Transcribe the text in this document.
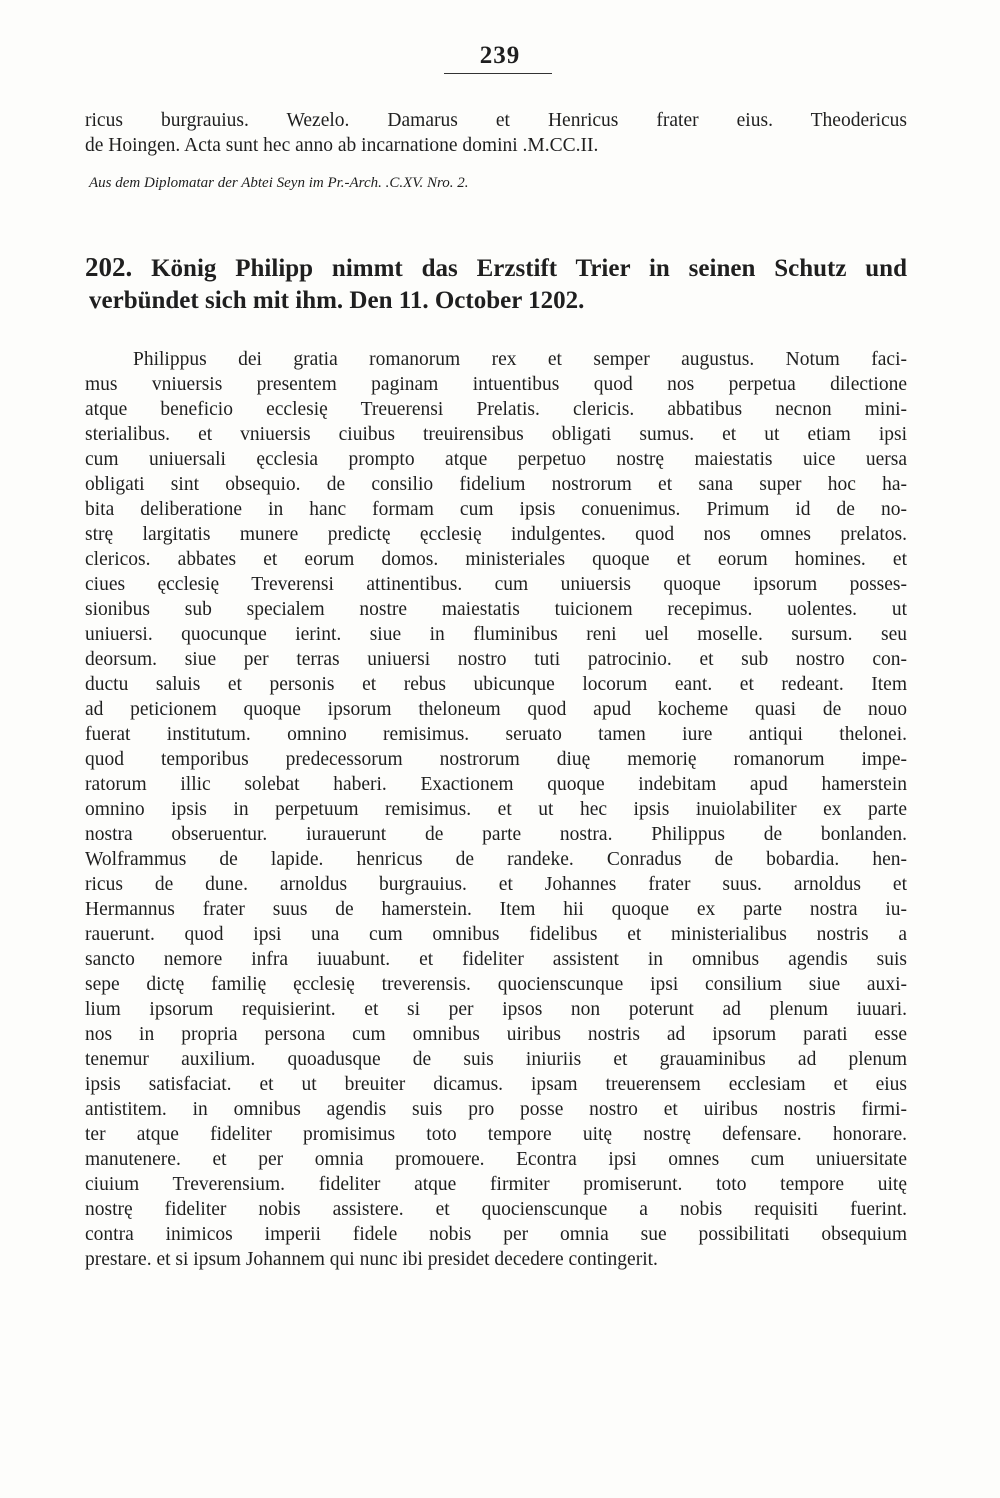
239
ricus burgrauius. Wezelo. Damarus et Henricus frater eius. Theodericus
de Hoingen. Acta sunt hec anno ab incarnatione domini .M.CC.II.
Aus dem Diplomatar der Abtei Seyn im Pr.-Arch. .C.XV. Nro. 2.
202. König Philipp nimmt das Erzstift Trier in seinen Schutz und
verbündet sich mit ihm. Den 11. October 1202.
Philippus dei gratia romanorum rex et semper augustus. Notum faci-
mus vniuersis presentem paginam intuentibus quod nos perpetua dilectione
atque beneficio ecclesię Treuerensi Prelatis. clericis. abbatibus necnon mini-
sterialibus. et vniuersis ciuibus treuirensibus obligati sumus. et ut etiam ipsi
cum uniuersali ęcclesia prompto atque perpetuo nostrę maiestatis uice uersa
obligati sint obsequio. de consilio fidelium nostrorum et sana super hoc ha-
bita deliberatione in hanc formam cum ipsis conuenimus. Primum id de no-
strę largitatis munere predictę ęcclesię indulgentes. quod nos omnes prelatos.
clericos. abbates et eorum domos. ministeriales quoque et eorum homines. et
ciues ęcclesię Treverensi attinentibus. cum uniuersis quoque ipsorum posses-
sionibus sub specialem nostre maiestatis tuicionem recepimus. uolentes. ut
uniuersi. quocunque ierint. siue in fluminibus reni uel moselle. sursum. seu
deorsum. siue per terras uniuersi nostro tuti patrocinio. et sub nostro con-
ductu saluis et personis et rebus ubicunque locorum eant. et redeant. Item
ad peticionem quoque ipsorum theloneum quod apud kocheme quasi de nouo
fuerat institutum. omnino remisimus. seruato tamen iure antiqui thelonei.
quod temporibus predecessorum nostrorum diuę memorię romanorum impe-
ratorum illic solebat haberi. Exactionem quoque indebitam apud hamerstein
omnino ipsis in perpetuum remisimus. et ut hec ipsis inuiolabiliter ex parte
nostra obseruentur. iurauerunt de parte nostra. Philippus de bonlanden.
Wolframmus de lapide. henricus de randeke. Conradus de bobardia. hen-
ricus de dune. arnoldus burgrauius. et Johannes frater suus. arnoldus et
Hermannus frater suus de hamerstein. Item hii quoque ex parte nostra iu-
rauerunt. quod ipsi una cum omnibus fidelibus et ministerialibus nostris a
sancto nemore infra iuuabunt. et fideliter assistent in omnibus agendis suis
sepe dictę familię ęcclesię treverensis. quocienscunque ipsi consilium siue auxi-
lium ipsorum requisierint. et si per ipsos non poterunt ad plenum iuuari.
nos in propria persona cum omnibus uiribus nostris ad ipsorum parati esse
tenemur auxilium. quoadusque de suis iniuriis et grauaminibus ad plenum
ipsis satisfaciat. et ut breuiter dicamus. ipsam treuerensem ecclesiam et eius
antistitem. in omnibus agendis suis pro posse nostro et uiribus nostris firmi-
ter atque fideliter promisimus toto tempore uitę nostrę defensare. honorare.
manutenere. et per omnia promouere. Econtra ipsi omnes cum uniuersitate
ciuium Treverensium. fideliter atque firmiter promiserunt. toto tempore uitę
nostrę fideliter nobis assistere. et quocienscunque a nobis requisiti fuerint.
contra inimicos imperii fidele nobis per omnia sue possibilitati obsequium
prestare. et si ipsum Johannem qui nunc ibi presidet decedere contingerit.
